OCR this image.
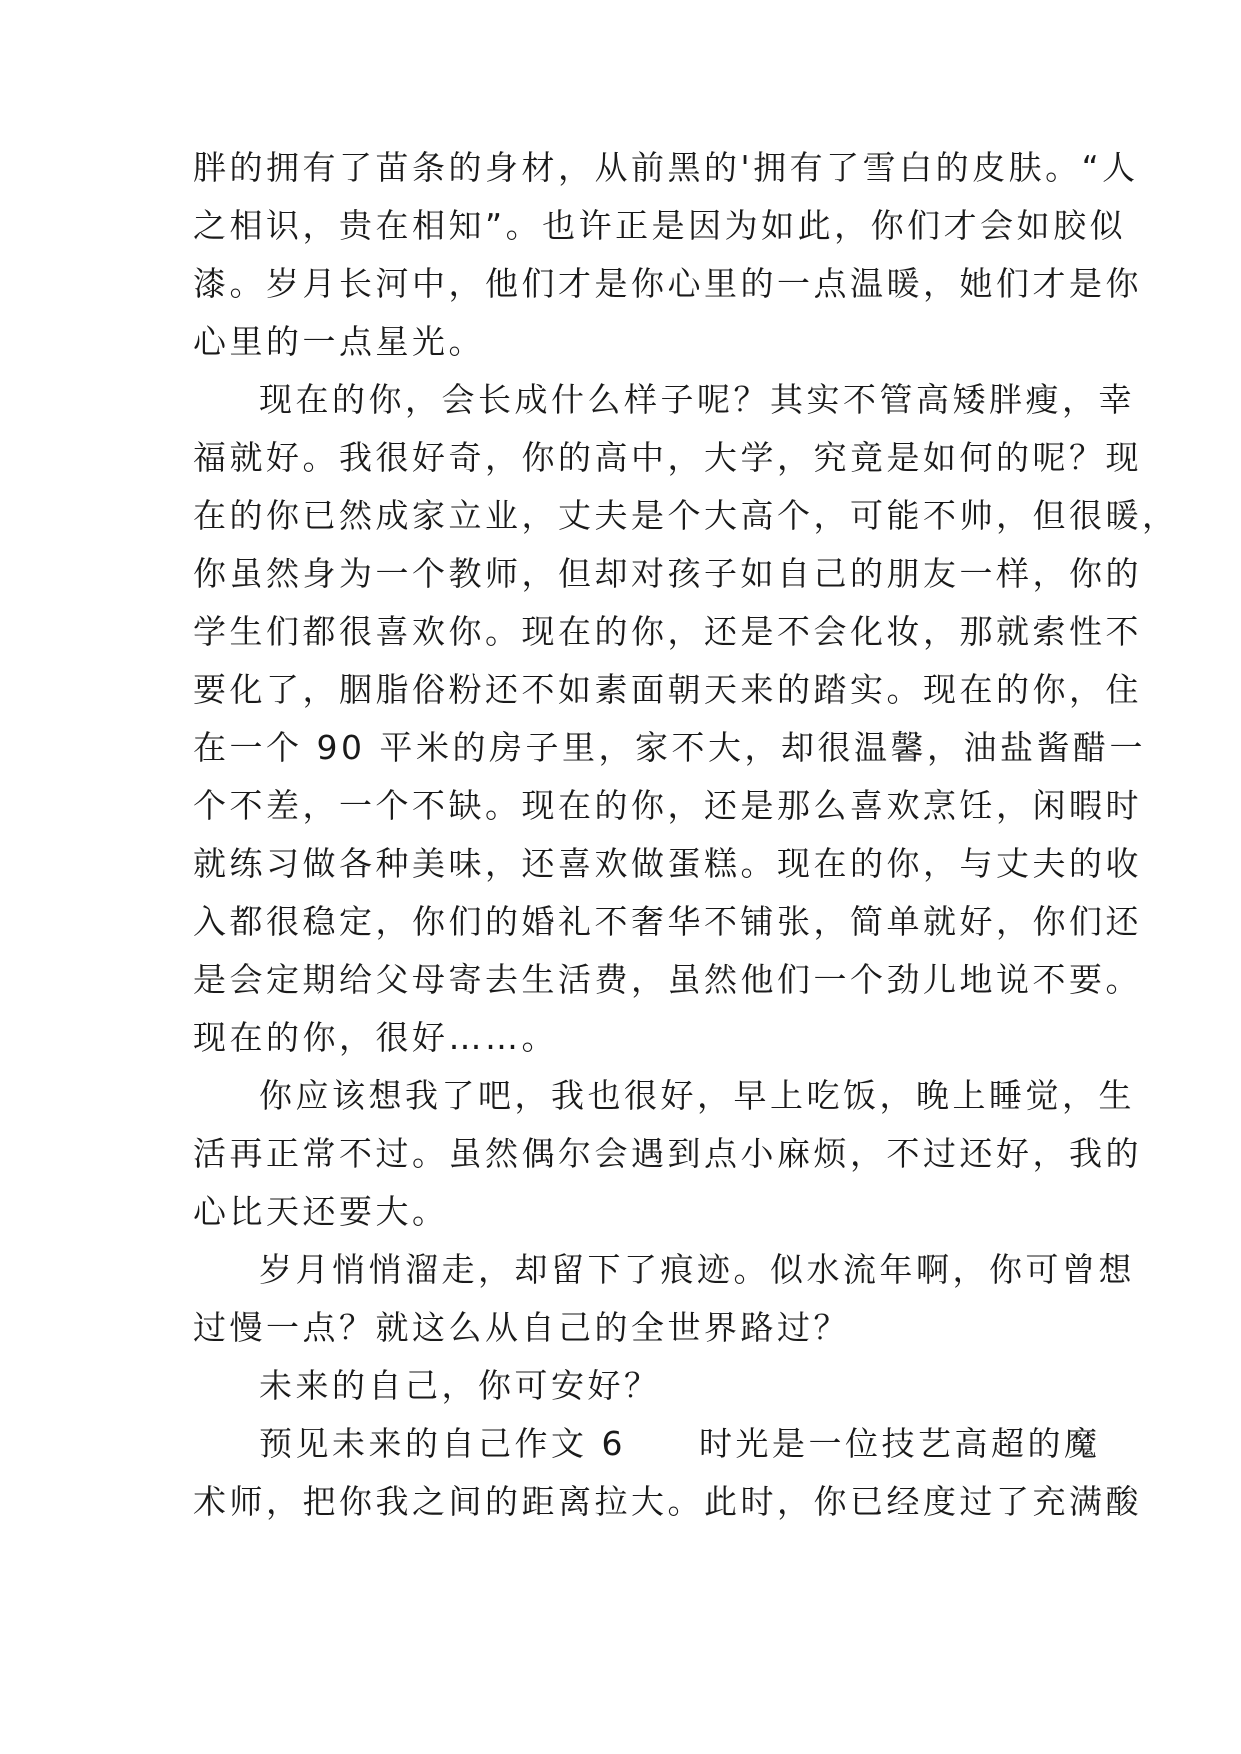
胖的拥有了苗条的身材，从前黑的'拥有了雪白的皮肤。“人
之相识，贵在相知”。也许正是因为如此，你们才会如胶似
漆。岁月长河中，他们才是你心里的一点温暖，她们才是你
心里的一点星光。
现在的你，会长成什么样子呢？其实不管高矮胖瘦，幸
福就好。我很好奇，你的高中，大学，究竟是如何的呢？现
在的你已然成家立业，丈夫是个大高个，可能不帅，但很暖，
你虽然身为一个教师，但却对孩子如自己的朋友一样，你的
学生们都很喜欢你。现在的你，还是不会化妆，那就索性不
要化了，胭脂俗粉还不如素面朝天来的踏实。现在的你，住
在一个 90 平米的房子里，家不大，却很温馨，油盐酱醋一
个不差，一个不缺。现在的你，还是那么喜欢烹饪，闲暇时
就练习做各种美味，还喜欢做蛋糕。现在的你，与丈夫的收
入都很稳定，你们的婚礼不奢华不铺张，简单就好，你们还
是会定期给父母寄去生活费，虽然他们一个劲儿地说不要。
现在的你，很好……。
你应该想我了吧，我也很好，早上吃饭，晚上睡觉，生
活再正常不过。虽然偶尔会遇到点小麻烦，不过还好，我的
心比天还要大。
岁月悄悄溜走，却留下了痕迹。似水流年啊，你可曾想
过慢一点？就这么从自己的全世界路过？
未来的自己，你可安好？
预见未来的自己作文 6　　时光是一位技艺高超的魔
术师，把你我之间的距离拉大。此时，你已经度过了充满酸
